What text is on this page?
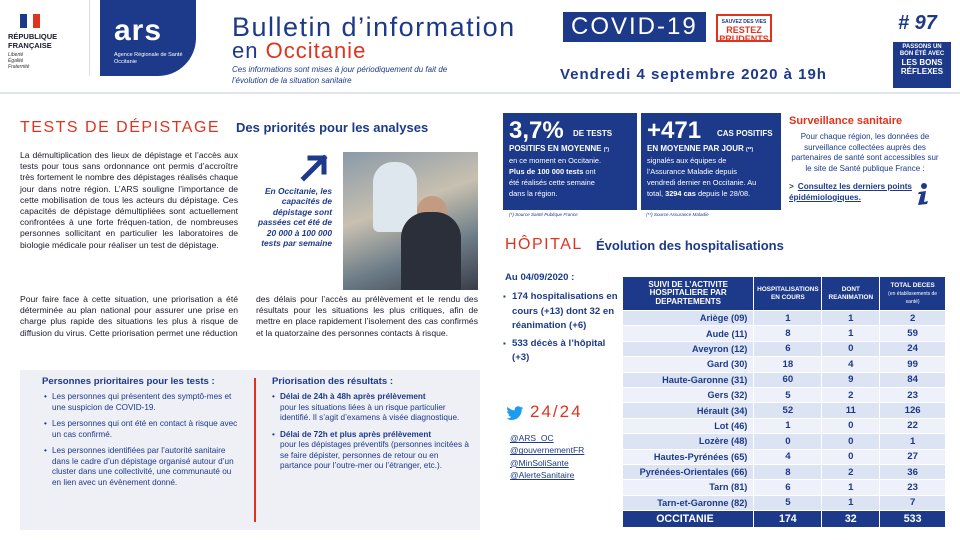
RÉPUBLIQUE
FRANÇAISE
Liberté
Égalité
Fraternité
ars
Agence Régionale de Santé
Occitanie
Bulletin d’information	COVID-19	SAUVEZ DES VIES
RESTEZ
PRUDENTS
en Occitanie
Ces informations sont mises à jour périodiquement du fait de l’évolution de la situation sanitaire	Vendredi 4 septembre 2020 à 19h
# 97
PASSONS UN
BON ÉTÉ AVEC
LES BONS
RÉFLEXES
TESTS DE DÉPISTAGE Des priorités pour les analyses
La démultiplication des lieux de dépistage et l’accès aux tests pour tous sans ordonnance ont permis d’accroître très fortement le nombre des dépistages réalisés chaque jour dans notre région. L’ARS souligne l’importance de cette mobilisation de tous les acteurs du dépistage. Ces capacités de dépistage démultipliées sont actuellement confrontées à une forte fréquen-tation, de nombreuses personnes sollicitant en particulier les laboratoires de biologie médicale pour réaliser un test de dépistage.
Pour faire face à cette situation, une priorisation a été déterminée au plan national pour assurer une prise en charge plus rapide des situations les plus à risque de diffusion du virus. Cette priorisation permet une réduction
des délais pour l’accès au prélèvement et le rendu des résultats pour les situations les plus critiques, afin de mettre en place rapidement l’isolement des cas confirmés et la quatorzaine des personnes contacts à risque.
En Occitanie, les capacités de dépistage sont passées cet été de 20 000 à 100 000 tests par semaine
Personnes prioritaires pour les tests :
• Les personnes qui présentent des symptô-mes et une suspicion de COVID-19.
• Les personnes qui ont été en contact à risque avec un cas confirmé.
• Les personnes identifiées par l’autorité sanitaire dans le cadre d’un dépistage organisé autour d’un cluster dans une collectivité, une communauté ou en lien avec un évènement donné.
Priorisation des résultats :
• Délai de 24h à 48h après prélèvement
pour les situations liées à un risque particulier identifié. Il s’agit d’examens à visée diagnostique.
• Délai de 72h et plus après prélèvement
pour les dépistages préventifs (personnes incitées à se faire dépister, personnes de retour ou en partance pour l’outre-mer ou l’étranger, etc.).
3,7% DE TESTS
POSITIFS EN MOYENNE (*)
en ce moment en Occitanie.
Plus de 100 000 tests ont
été réalisés cette semaine
dans la région.
(*) Source Santé Publique France
+471 CAS POSITIFS
EN MOYENNE PAR JOUR (**)
signalés aux équipes de
l’Assurance Maladie depuis
vendredi dernier en Occitanie. Au
total, 3294 cas depuis le 28/08.
(**) Source Assurance Maladie
Surveillance sanitaire
Pour chaque région, les données de surveillance collectées auprès des partenaires de santé sont accessibles sur le site de Santé publique France :
> Consultez les derniers points épidémiologiques.
HÔPITAL Évolution des hospitalisations
Au 04/09/2020 :
▪ 174 hospitalisations en cours (+13) dont 32 en réanimation (+6)
▪ 533 décès à l’hôpital (+3)
24/24
@ARS_OC
@gouvernementFR
@MinSoliSante
@AlerteSanitaire
SUIVI DE L’ACTIVITE HOSPITALIERE PAR DEPARTEMENTS	HOSPITALISATIONS EN COURS	DONT REANIMATION	TOTAL DECES
(en établissements de santé)
Ariège (09)	1	1	2
Aude (11)	8	1	59
Aveyron (12)	6	0	24
Gard (30)	18	4	99
Haute-Garonne (31)	60	9	84
Gers (32)	5	2	23
Hérault (34)	52	11	126
Lot (46)	1	0	22
Lozère (48)	0	0	1
Hautes-Pyrénées (65)	4	0	27
Pyrénées-Orientales (66)	8	2	36
Tarn (81)	6	1	23
Tarn-et-Garonne (82)	5	1	7
OCCITANIE	174	32	533
